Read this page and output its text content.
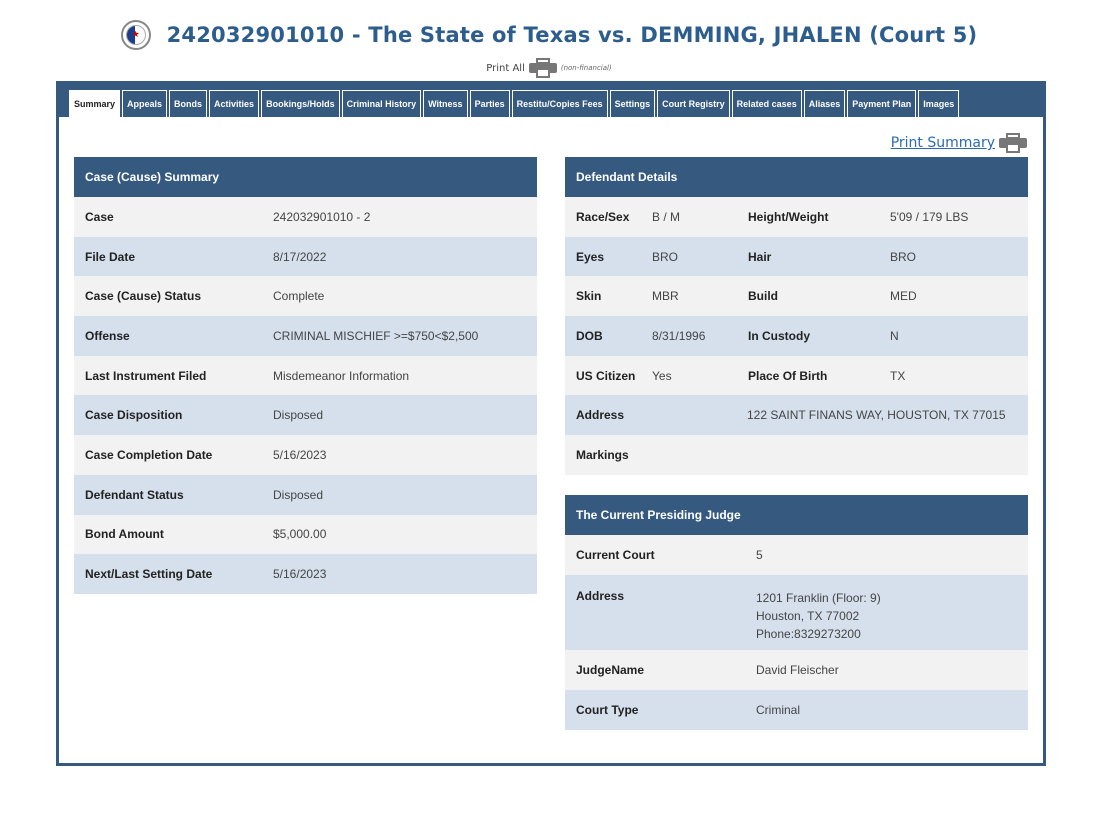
★ 242032901010 - The State of Texas vs. DEMMING, JHALEN (Court 5)
Print All	(non-financial)
Summary	Appeals	Bonds	Activities	Bookings/Holds	Criminal History	Witness	Parties	Restitu/Copies Fees	Settings	Court Registry	Related cases	Aliases	Payment Plan	Images
Print Summary
Case (Cause) Summary
Case	242032901010 - 2
File Date	8/17/2022
Case (Cause) Status	Complete
Offense	CRIMINAL MISCHIEF >=$750<$2,500
Last Instrument Filed	Misdemeanor Information
Case Disposition	Disposed
Case Completion Date	5/16/2023
Defendant Status	Disposed
Bond Amount	$5,000.00
Next/Last Setting Date	5/16/2023
Defendant Details
Race/Sex	B / M	Height/Weight	5'09 / 179 LBS
Eyes	BRO	Hair	BRO
Skin	MBR	Build	MED
DOB	8/31/1996	In Custody	N
US Citizen	Yes	Place Of Birth	TX
Address	122 SAINT FINANS WAY, HOUSTON, TX 77015
Markings
The Current Presiding Judge
Current Court	5
Address	1201 Franklin (Floor: 9)
Houston, TX 77002
Phone:8329273200
JudgeName	David Fleischer
Court Type	Criminal
